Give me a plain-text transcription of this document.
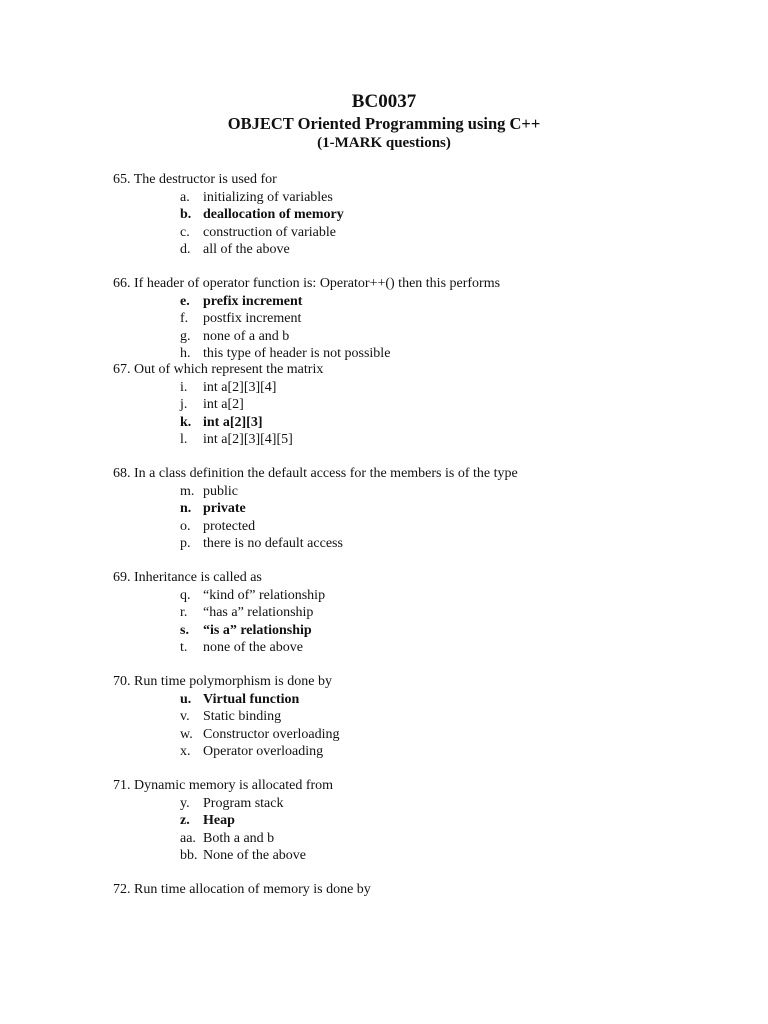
BC0037
OBJECT Oriented Programming using C++
(1-MARK questions)
65. The destructor is used for
a. initializing of variables
b. deallocation of memory
c. construction of variable
d. all of the above
66. If header of operator function is: Operator++() then this performs
e. prefix increment
f. postfix increment
g. none of a and b
h. this type of header is not possible
67. Out of which represent the matrix
i. int a[2][3][4]
j. int a[2]
k. int a[2][3]
l. int a[2][3][4][5]
68. In a class definition the default access for the members is of the type
m. public
n. private
o. protected
p. there is no default access
69. Inheritance is called as
q. “kind of” relationship
r. “has a” relationship
s. “is a” relationship
t. none of the above
70. Run time polymorphism is done by
u. Virtual function
v. Static binding
w. Constructor overloading
x. Operator overloading
71. Dynamic memory is allocated from
y. Program stack
z. Heap
aa. Both a and b
bb. None of the above
72. Run time allocation of memory is done by
